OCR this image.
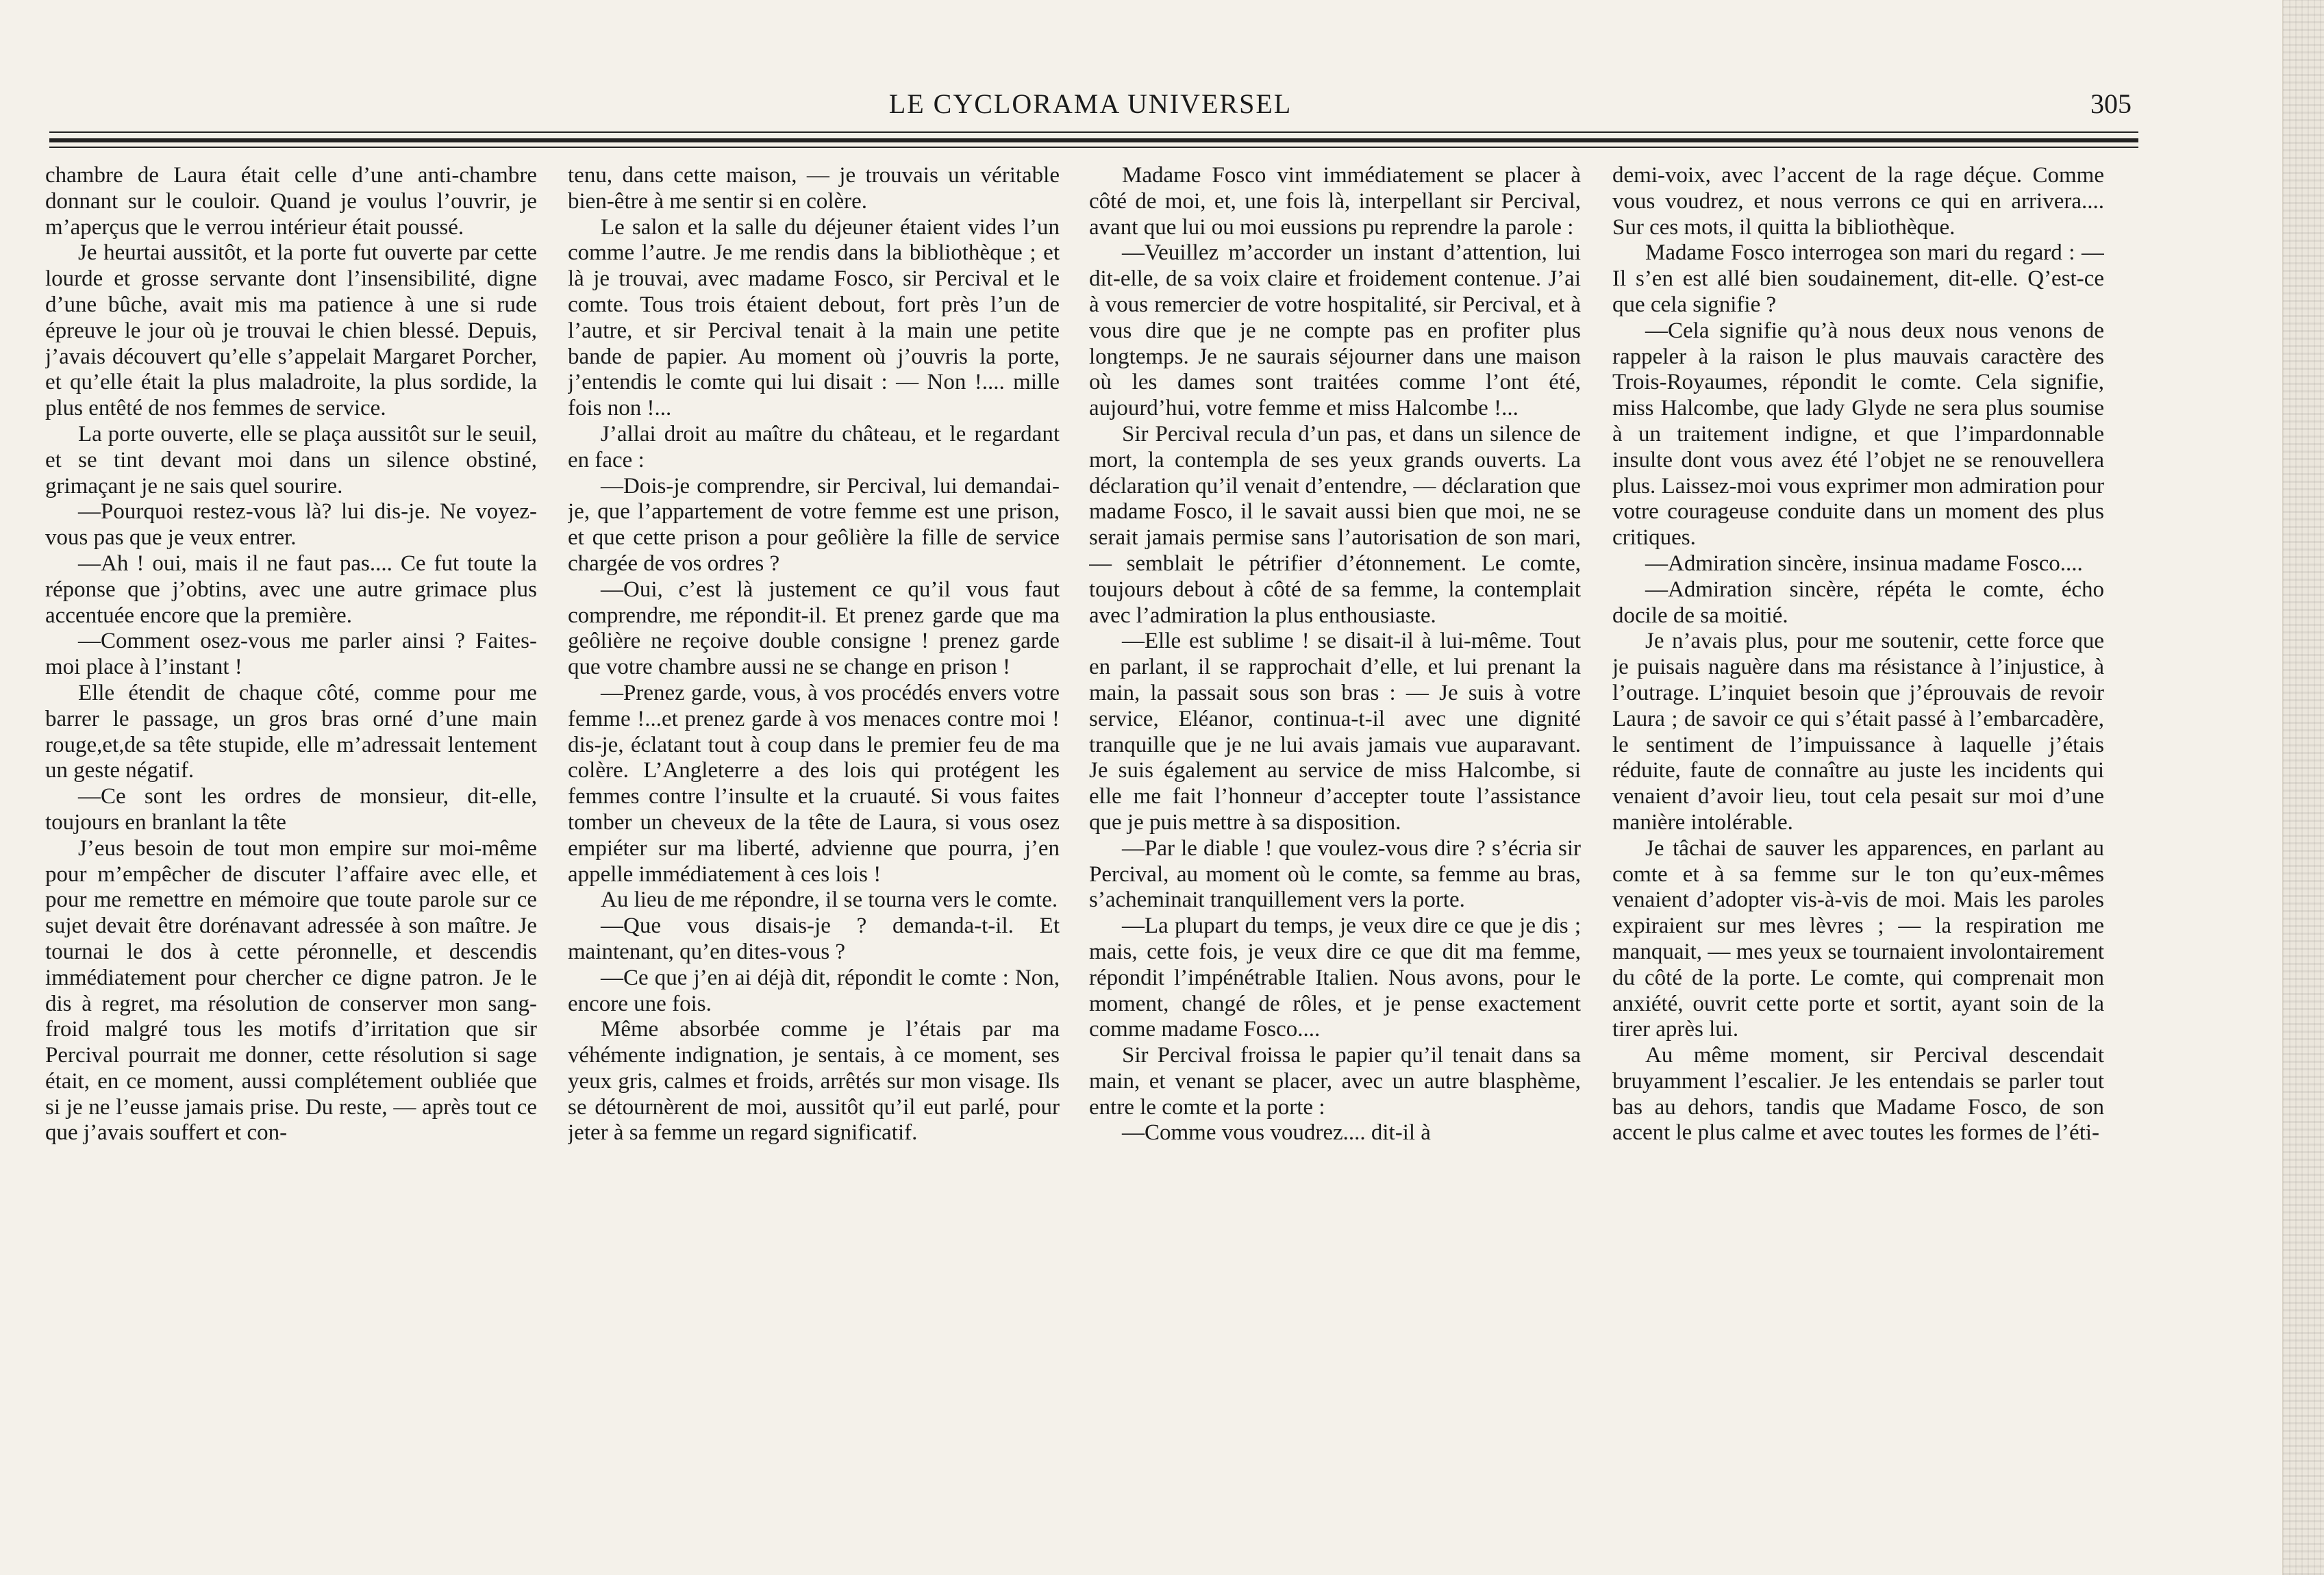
LE CYCLORAMA UNIVERSEL	305

chambre de Laura était celle d’une anti-chambre donnant sur le couloir. Quand je voulus l’ouvrir, je m’aperçus que le verrou intérieur était poussé.

Je heurtai aussitôt, et la porte fut ouverte par cette lourde et grosse servante dont l’insensibilité, digne d’une bûche, avait mis ma patience à une si rude épreuve le jour où je trouvai le chien blessé. Depuis, j’avais découvert qu’elle s’appelait Margaret Porcher, et qu’elle était la plus maladroite, la plus sordide, la plus entêté de nos femmes de service.

La porte ouverte, elle se plaça aussitôt sur le seuil, et se tint devant moi dans un silence obstiné, grimaçant je ne sais quel sourire.

—Pourquoi restez-vous là? lui dis-je. Ne voyez-vous pas que je veux entrer.

—Ah ! oui, mais il ne faut pas.... Ce fut toute la réponse que j’obtins, avec une autre grimace plus accentuée encore que la première.

—Comment osez-vous me parler ainsi ? Faites-moi place à l’instant !

Elle étendit de chaque côté, comme pour me barrer le passage, un gros bras orné d’une main rouge,et,de sa tête stupide, elle m’adressait lentement un geste négatif.

—Ce sont les ordres de monsieur, dit-elle, toujours en branlant la tête

J’eus besoin de tout mon empire sur moi-même pour m’empêcher de discuter l’affaire avec elle, et pour me remettre en mémoire que toute parole sur ce sujet devait être dorénavant adressée à son maître. Je tournai le dos à cette péronnelle, et descendis immédiatement pour chercher ce digne patron. Je le dis à regret, ma résolution de conserver mon sang-froid malgré tous les motifs d’irritation que sir Percival pourrait me donner, cette résolution si sage était, en ce moment, aussi complétement oubliée que si je ne l’eusse jamais prise. Du reste, — après tout ce que j’avais souffert et con-

tenu, dans cette maison, — je trouvais un véritable bien-être à me sentir si en colère.

Le salon et la salle du déjeuner étaient vides l’un comme l’autre. Je me rendis dans la bibliothèque ; et là je trouvai, avec madame Fosco, sir Percival et le comte. Tous trois étaient debout, fort près l’un de l’autre, et sir Percival tenait à la main une petite bande de papier. Au moment où j’ouvris la porte, j’entendis le comte qui lui disait : — Non !.... mille fois non !...

J’allai droit au maître du château, et le regardant en face :

—Dois-je comprendre, sir Percival, lui demandai-je, que l’appartement de votre femme est une prison, et que cette prison a pour geôlière la fille de service chargée de vos ordres ?

—Oui, c’est là justement ce qu’il vous faut comprendre, me répondit-il. Et prenez garde que ma geôlière ne reçoive double consigne ! prenez garde que votre chambre aussi ne se change en prison !

—Prenez garde, vous, à vos procédés envers votre femme !...et prenez garde à vos menaces contre moi ! dis-je, éclatant tout à coup dans le premier feu de ma colère. L’Angleterre a des lois qui protégent les femmes contre l’insulte et la cruauté. Si vous faites tomber un cheveux de la tête de Laura, si vous osez empiéter sur ma liberté, advienne que pourra, j’en appelle immédiatement à ces lois !

Au lieu de me répondre, il se tourna vers le comte.

—Que vous disais-je ? demanda-t-il. Et maintenant, qu’en dites-vous ?

—Ce que j’en ai déjà dit, répondit le comte : Non, encore une fois.

Même absorbée comme je l’étais par ma véhémente indignation, je sentais, à ce moment, ses yeux gris, calmes et froids, arrêtés sur mon visage. Ils se détournèrent de moi, aussitôt qu’il eut parlé, pour jeter à sa femme un regard significatif.

Madame Fosco vint immédiatement se placer à côté de moi, et, une fois là, interpellant sir Percival, avant que lui ou moi eussions pu reprendre la parole :

—Veuillez m’accorder un instant d’attention, lui dit-elle, de sa voix claire et froidement contenue. J’ai à vous remercier de votre hospitalité, sir Percival, et à vous dire que je ne compte pas en profiter plus longtemps. Je ne saurais séjourner dans une maison où les dames sont traitées comme l’ont été, aujourd’hui, votre femme et miss Halcombe !...

Sir Percival recula d’un pas, et dans un silence de mort, la contempla de ses yeux grands ouverts. La déclaration qu’il venait d’entendre, — déclaration que madame Fosco, il le savait aussi bien que moi, ne se serait jamais permise sans l’autorisation de son mari, — semblait le pétrifier d’étonnement. Le comte, toujours debout à côté de sa femme, la contemplait avec l’admiration la plus enthousiaste.

—Elle est sublime ! se disait-il à lui-même. Tout en parlant, il se rapprochait d’elle, et lui prenant la main, la passait sous son bras : — Je suis à votre service, Eléanor, continua-t-il avec une dignité tranquille que je ne lui avais jamais vue auparavant. Je suis également au service de miss Halcombe, si elle me fait l’honneur d’accepter toute l’assistance que je puis mettre à sa disposition.

—Par le diable ! que voulez-vous dire ? s’écria sir Percival, au moment où le comte, sa femme au bras, s’acheminait tranquillement vers la porte.

—La plupart du temps, je veux dire ce que je dis ; mais, cette fois, je veux dire ce que dit ma femme, répondit l’impénétrable Italien. Nous avons, pour le moment, changé de rôles, et je pense exactement comme madame Fosco....

Sir Percival froissa le papier qu’il tenait dans sa main, et venant se placer, avec un autre blasphème, entre le comte et la porte :

—Comme vous voudrez.... dit-il à

demi-voix, avec l’accent de la rage déçue. Comme vous voudrez, et nous verrons ce qui en arrivera.... Sur ces mots, il quitta la bibliothèque.

Madame Fosco interrogea son mari du regard : — Il s’en est allé bien soudainement, dit-elle. Q’est-ce que cela signifie ?

—Cela signifie qu’à nous deux nous venons de rappeler à la raison le plus mauvais caractère des Trois-Royaumes, répondit le comte. Cela signifie, miss Halcombe, que lady Glyde ne sera plus soumise à un traitement indigne, et que l’impardonnable insulte dont vous avez été l’objet ne se renouvellera plus. Laissez-moi vous exprimer mon admiration pour votre courageuse conduite dans un moment des plus critiques.

—Admiration sincère, insinua madame Fosco....

—Admiration sincère, répéta le comte, écho docile de sa moitié.

Je n’avais plus, pour me soutenir, cette force que je puisais naguère dans ma résistance à l’injustice, à l’outrage. L’inquiet besoin que j’éprouvais de revoir Laura ; de savoir ce qui s’était passé à l’embarcadère, le sentiment de l’impuissance à laquelle j’étais réduite, faute de connaître au juste les incidents qui venaient d’avoir lieu, tout cela pesait sur moi d’une manière intolérable.

Je tâchai de sauver les apparences, en parlant au comte et à sa femme sur le ton qu’eux-mêmes venaient d’adopter vis-à-vis de moi. Mais les paroles expiraient sur mes lèvres ; — la respiration me manquait, — mes yeux se tournaient involontairement du côté de la porte. Le comte, qui comprenait mon anxiété, ouvrit cette porte et sortit, ayant soin de la tirer après lui.

Au même moment, sir Percival descendait bruyamment l’escalier. Je les entendais se parler tout bas au dehors, tandis que Madame Fosco, de son accent le plus calme et avec toutes les formes de l’éti-
